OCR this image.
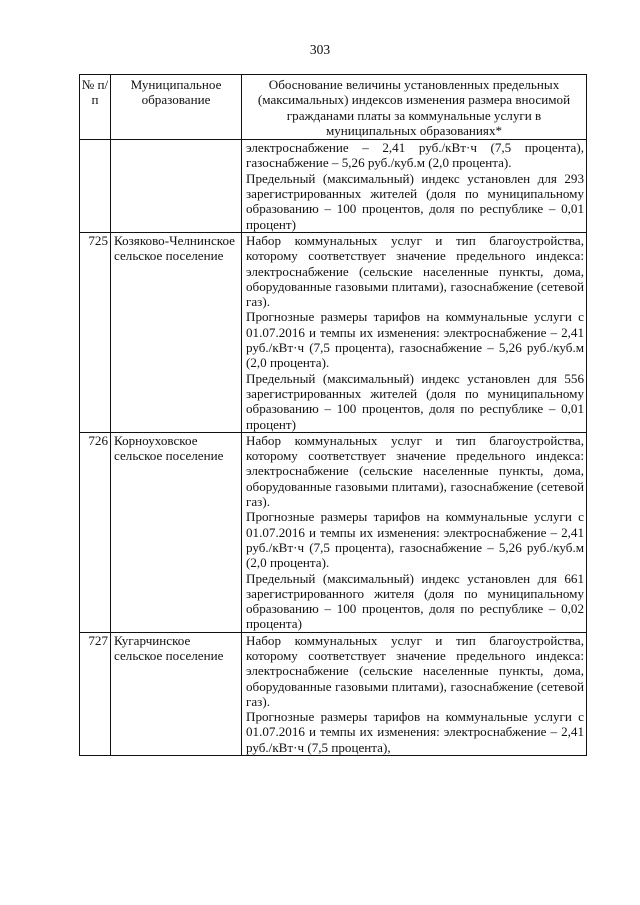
303
№ п/п	Муниципальное образование	Обоснование величины установленных предельных (максимальных) индексов изменения размера вносимой гражданами платы за коммунальные услуги в муниципальных образованиях*

		электроснабжение – 2,41 руб./кВт·ч (7,5 процента), газоснабжение – 5,26 руб./куб.м (2,0 процента).
Предельный (максимальный) индекс установлен для 293 зарегистрированных жителей (доля по муниципальному образованию – 100 процентов, доля по республике – 0,01 процент)

725	Козяково-Челнинское сельское поселение	Набор коммунальных услуг и тип благоустройства, которому соответствует значение предельного индекса: электроснабжение (сельские населенные пункты, дома, оборудованные газовыми плитами), газоснабжение (сетевой газ).
Прогнозные размеры тарифов на коммунальные услуги с 01.07.2016 и темпы их изменения: электроснабжение – 2,41 руб./кВт·ч (7,5 процента), газоснабжение – 5,26 руб./куб.м (2,0 процента).
Предельный (максимальный) индекс установлен для 556 зарегистрированных жителей (доля по муниципальному образованию – 100 процентов, доля по республике – 0,01 процент)

726	Корноуховское сельское поселение	Набор коммунальных услуг и тип благоустройства, которому соответствует значение предельного индекса: электроснабжение (сельские населенные пункты, дома, оборудованные газовыми плитами), газоснабжение (сетевой газ).
Прогнозные размеры тарифов на коммунальные услуги с 01.07.2016 и темпы их изменения: электроснабжение – 2,41 руб./кВт·ч (7,5 процента), газоснабжение – 5,26 руб./куб.м (2,0 процента).
Предельный (максимальный) индекс установлен для 661 зарегистрированного жителя (доля по муниципальному образованию – 100 процентов, доля по республике – 0,02 процента)

727	Кугарчинское сельское поселение	Набор коммунальных услуг и тип благоустройства, которому соответствует значение предельного индекса: электроснабжение (сельские населенные пункты, дома, оборудованные газовыми плитами), газоснабжение (сетевой газ).
Прогнозные размеры тарифов на коммунальные услуги с 01.07.2016 и темпы их изменения: электроснабжение – 2,41 руб./кВт·ч (7,5 процента),
